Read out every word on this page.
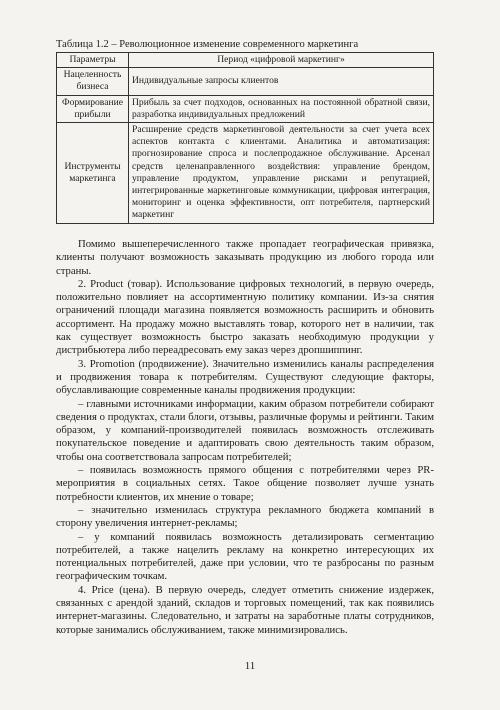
Таблица 1.2 – Революционное изменение современного маркетинга
Параметры	Период «цифровой маркетинг»
Нацеленность бизнеса	Индивидуальные запросы клиентов
Формирование прибыли	Прибыль за счет подходов, основанных на постоянной обратной связи, разработка индивидуальных предложений
Инструменты маркетинга	Расширение средств маркетинговой деятельности за счет учета всех аспектов контакта с клиентами. Аналитика и автоматизация: прогнозирование спроса и послепродажное обслуживание. Арсенал средств целенаправленного воздействия: управление брендом, управление продуктом, управление рисками и репутацией, интегрированные маркетинговые коммуникации, цифровая интеграция, мониторинг и оценка эффективности, опт потребителя, партнерский маркетинг

Помимо вышеперечисленного также пропадает географическая привязка, клиенты получают возможность заказывать продукцию из любого города или страны.

2. Product (товар). Использование цифровых технологий, в первую очередь, положительно повлияет на ассортиментную политику компании. Из-за снятия ограничений площади магазина появляется возможность расширить и обновить ассортимент. На продажу можно выставлять товар, которого нет в наличии, так как существует возможность быстро заказать необходимую продукции у дистрибьютера либо переадресовать ему заказ через дропшиппинг.

3. Promotion (продвижение). Значительно изменились каналы распределения и продвижения товара к потребителям. Существуют следующие факторы, обуславливающие современные каналы продвижения продукции:

– главными источниками информации, каким образом потребители собирают сведения о продуктах, стали блоги, отзывы, различные форумы и рейтинги. Таким образом, у компаний-производителей появилась возможность отслеживать покупательское поведение и адаптировать свою деятельность таким образом, чтобы она соответствовала запросам потребителей;

– появилась возможность прямого общения с потребителями через PR-мероприятия в социальных сетях. Такое общение позволяет лучше узнать потребности клиентов, их мнение о товаре;

– значительно изменилась структура рекламного бюджета компаний в сторону увеличения интернет-рекламы;

– у компаний появилась возможность детализировать сегментацию потребителей, а также нацелить рекламу на конкретно интересующих их потенциальных потребителей, даже при условии, что те разбросаны по разным географическим точкам.

4. Price (цена). В первую очередь, следует отметить снижение издержек, связанных с арендой зданий, складов и торговых помещений, так как появились интернет-магазины. Следовательно, и затраты на заработные платы сотрудников, которые занимались обслуживанием, также минимизировались.

11
